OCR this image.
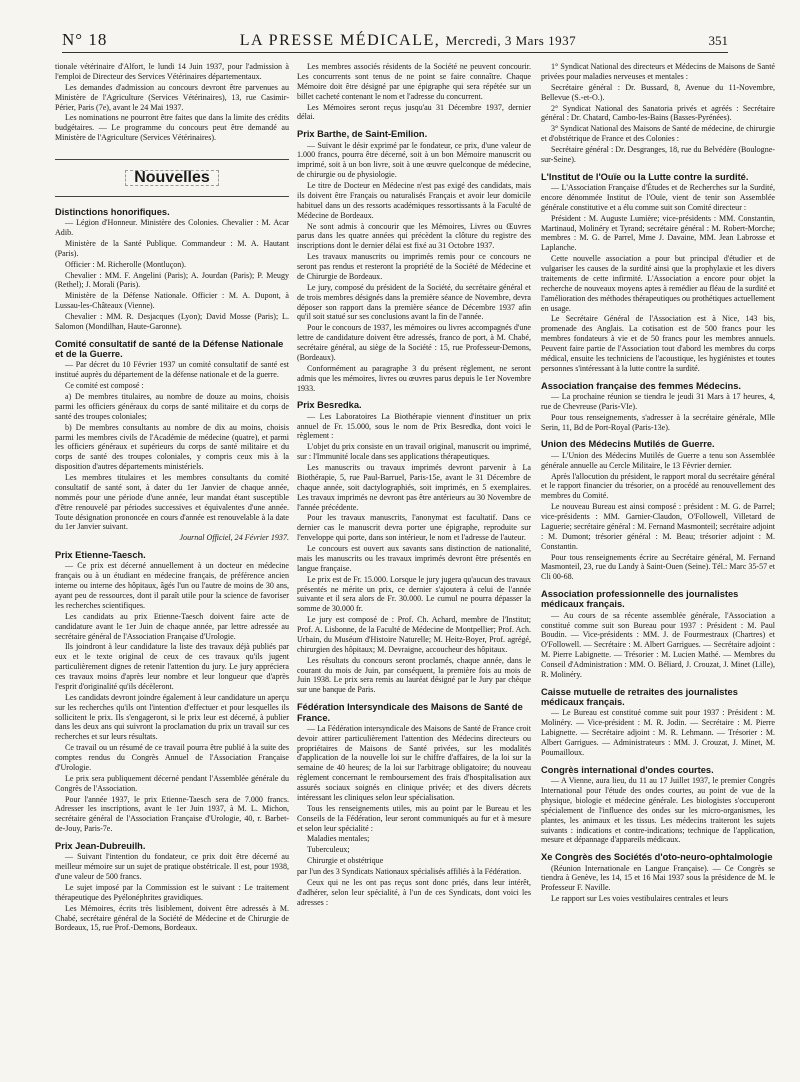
N° 18	LA PRESSE MÉDICALE, Mercredi, 3 Mars 1937	351

tionale vétérinaire d'Alfort, le lundi 14 Juin 1937, pour l'admission à l'emploi de Directeur des Services Vétérinaires départementaux.

Les demandes d'admission au concours devront être parvenues au Ministère de l'Agriculture (Services Vétérinaires), 13, rue Casimir-Périer, Paris (7e), avant le 24 Mai 1937.

Les nominations ne pourront être faites que dans la limite des crédits budgétaires. — Le programme du concours peut être demandé au Ministère de l'Agriculture (Services Vétérinaires).

Nouvelles
Distinctions honorifiques.

— Légion d'Honneur. Ministère des Colonies. Chevalier : M. Acar Adib.

Ministère de la Santé Publique. Commandeur : M. A. Hautant (Paris).

Officier : M. Richerolle (Montluçon).

Chevalier : MM. F. Angelini (Paris); A. Jourdan (Paris); P. Meugy (Rethel); J. Morali (Paris).

Ministère de la Défense Nationale. Officier : M. A. Dupont, à Lussau-les-Châteaux (Vienne).

Chevalier : MM. R. Desjacques (Lyon); David Mosse (Paris); L. Salomon (Mondilhan, Haute-Garonne).

Comité consultatif de santé de la Défense Nationale et de la Guerre.

— Par décret du 10 Février 1937 un comité consultatif de santé est institué auprès du département de la défense nationale et de la guerre.

Ce comité est composé :

a) De membres titulaires, au nombre de douze au moins, choisis parmi les officiers généraux du corps de santé militaire et du corps de santé des troupes coloniales;

b) De membres consultants au nombre de dix au moins, choisis parmi les membres civils de l'Académie de médecine (quatre), et parmi les officiers généraux et supérieurs du corps de santé militaire et du corps de santé des troupes coloniales, y compris ceux mis à la disposition d'autres départements ministériels.

Les membres titulaires et les membres consultants du comité consultatif de santé sont, à dater du 1er Janvier de chaque année, nommés pour une période d'une année, leur mandat étant susceptible d'être renouvelé par périodes successives et équivalentes d'une année. Toute désignation prononcée en cours d'année est renouvelable à la date du 1er Janvier suivant.

Journal Officiel, 24 Février 1937.
Prix Etienne-Taesch.

— Ce prix est décerné annuellement à un docteur en médecine français ou à un étudiant en médecine français, de préférence ancien interne ou interne des hôpitaux, âgés l'un ou l'autre de moins de 30 ans, ayant peu de ressources, dont il paraît utile pour la science de favoriser les recherches scientifiques.

Les candidats au prix Etienne-Taesch doivent faire acte de candidature avant le 1er Juin de chaque année, par lettre adressée au secrétaire général de l'Association Française d'Urologie.

Ils joindront à leur candidature la liste des travaux déjà publiés par eux et le texte original de ceux de ces travaux qu'ils jugent particulièrement dignes de retenir l'attention du jury. Le jury appréciera ces travaux moins d'après leur nombre et leur longueur que d'après l'esprit d'originalité qu'ils décèleront.

Les candidats devront joindre également à leur candidature un aperçu sur les recherches qu'ils ont l'intention d'effectuer et pour lesquelles ils sollicitent le prix. Ils s'engageront, si le prix leur est décerné, à publier dans les deux ans qui suivront la proclamation du prix un travail sur ces recherches et sur leurs résultats.

Ce travail ou un résumé de ce travail pourra être publié à la suite des comptes rendus du Congrès Annuel de l'Association Française d'Urologie.

Le prix sera publiquement décerné pendant l'Assemblée générale du Congrès de l'Association.

Pour l'année 1937, le prix Etienne-Taesch sera de 7.000 francs. Adresser les inscriptions, avant le 1er Juin 1937, à M. L. Michon, secrétaire général de l'Association Française d'Urologie, 40, r. Barbet-de-Jouy, Paris-7e.

Prix Jean-Dubreuilh.

— Suivant l'intention du fondateur, ce prix doit être décerné au meilleur mémoire sur un sujet de pratique obstétricale. Il est, pour 1938, d'une valeur de 500 francs.

Le sujet imposé par la Commission est le suivant : Le traitement thérapeutique des Pyélonéphrites gravidiques.

Les Mémoires, écrits très lisiblement, doivent être adressés à M. Chabé, secrétaire général de la Société de Médecine et de Chirurgie de Bordeaux, 15, rue Prof.-Demons, Bordeaux.

Les membres associés résidents de la Société ne peuvent concourir. Les concurrents sont tenus de ne point se faire connaître. Chaque Mémoire doit être désigné par une épigraphe qui sera répétée sur un billet cacheté contenant le nom et l'adresse du concurrent.

Les Mémoires seront reçus jusqu'au 31 Décembre 1937, dernier délai.

Prix Barthe, de Saint-Emilion.

— Suivant le désir exprimé par le fondateur, ce prix, d'une valeur de 1.000 francs, pourra être décerné, soit à un bon Mémoire manuscrit ou imprimé, soit à un bon livre, soit à une œuvre quelconque de médecine, de chirurgie ou de physiologie.

Le titre de Docteur en Médecine n'est pas exigé des candidats, mais ils doivent être Français ou naturalisés Français et avoir leur domicile habituel dans un des ressorts académiques ressortissants à la Faculté de Médecine de Bordeaux.

Ne sont admis à concourir que les Mémoires, Livres ou Œuvres parus dans les quatre années qui précèdent la clôture du registre des inscriptions dont le dernier délai est fixé au 31 Octobre 1937.

Les travaux manuscrits ou imprimés remis pour ce concours ne seront pas rendus et resteront la propriété de la Société de Médecine et de Chirurgie de Bordeaux.

Le jury, composé du président de la Société, du secrétaire général et de trois membres désignés dans la première séance de Novembre, devra déposer son rapport dans la première séance de Décembre 1937 afin qu'il soit statué sur ses conclusions avant la fin de l'année.

Pour le concours de 1937, les mémoires ou livres accompagnés d'une lettre de candidature doivent être adressés, franco de port, à M. Chabé, secrétaire général, au siège de la Société : 15, rue Professeur-Demons, (Bordeaux).

Conformément au paragraphe 3 du présent règlement, ne seront admis que les mémoires, livres ou œuvres parus depuis le 1er Novembre 1933.

Prix Besredka.

— Les Laboratoires La Biothérapie viennent d'instituer un prix annuel de Fr. 15.000, sous le nom de Prix Besredka, dont voici le règlement :

L'objet du prix consiste en un travail original, manuscrit ou imprimé, sur : l'Immunité locale dans ses applications thérapeutiques.

Les manuscrits ou travaux imprimés devront parvenir à La Biothérapie, 5, rue Paul-Barruel, Paris-15e, avant le 31 Décembre de chaque année, soit dactylographiés, soit imprimés, en 5 exemplaires. Les travaux imprimés ne devront pas être antérieurs au 30 Novembre de l'année précédente.

Pour les travaux manuscrits, l'anonymat est facultatif. Dans ce dernier cas le manuscrit devra porter une épigraphe, reproduite sur l'enveloppe qui porte, dans son intérieur, le nom et l'adresse de l'auteur.

Le concours est ouvert aux savants sans distinction de nationalité, mais les manuscrits ou les travaux imprimés devront être présentés en langue française.

Le prix est de Fr. 15.000. Lorsque le jury jugera qu'aucun des travaux présentés ne mérite un prix, ce dernier s'ajoutera à celui de l'année suivante et il sera alors de Fr. 30.000. Le cumul ne pourra dépasser la somme de 30.000 fr.

Le jury est composé de : Prof. Ch. Achard, membre de l'Institut; Prof. A. Lisbonne, de la Faculté de Médecine de Montpellier; Prof. Ach. Urbain, du Muséum d'Histoire Naturelle; M. Heitz-Boyer, Prof. agrégé, chirurgien des hôpitaux; M. Devraigne, accoucheur des hôpitaux.

Les résultats du concours seront proclamés, chaque année, dans le courant du mois de Juin, par conséquent, la première fois au mois de Juin 1938. Le prix sera remis au lauréat désigné par le Jury par chèque sur une banque de Paris.

Fédération Intersyndicale des Maisons de Santé de France.

— La Fédération intersyndicale des Maisons de Santé de France croit devoir attirer particulièrement l'attention des Médecins directeurs ou propriétaires de Maisons de Santé privées, sur les modalités d'application de la nouvelle loi sur le chiffre d'affaires, de la loi sur la semaine de 40 heures; de la loi sur l'arbitrage obligatoire; du nouveau règlement concernant le remboursement des frais d'hospitalisation aux assurés sociaux soignés en clinique privée; et des divers décrets intéressant les cliniques selon leur spécialisation.

Tous les renseignements utiles, mis au point par le Bureau et les Conseils de la Fédération, leur seront communiqués au fur et à mesure et selon leur spécialité :

Maladies mentales;

Tuberculeux;

Chirurgie et obstétrique

par l'un des 3 Syndicats Nationaux spécialisés affiliés à la Fédération.

Ceux qui ne les ont pas reçus sont donc priés, dans leur intérêt, d'adhérer, selon leur spécialité, à l'un de ces Syndicats, dont voici les adresses :

1° Syndicat National des directeurs et Médecins de Maisons de Santé privées pour maladies nerveuses et mentales :

Secrétaire général : Dr. Bussard, 8, Avenue du 11-Novembre, Bellevue (S.-et-O.).

2° Syndicat National des Sanatoria privés et agréés : Secrétaire général : Dr. Chatard, Cambo-les-Bains (Basses-Pyrénées).

3° Syndicat National des Maisons de Santé de médecine, de chirurgie et d'obstétrique de France et des Colonies :

Secrétaire général : Dr. Desgranges, 18, rue du Belvédère (Boulogne-sur-Seine).

L'Institut de l'Ouïe ou la Lutte contre la surdité.

— L'Association Française d'Études et de Recherches sur la Surdité, encore dénommée Institut de l'Ouïe, vient de tenir son Assemblée générale constitutive et a élu comme suit son Comité directeur :

Président : M. Auguste Lumière; vice-présidents : MM. Constantin, Martinaud, Molinéry et Tyrand; secrétaire général : M. Robert-Morche; membres : M. G. de Parrel, Mme J. Davaine, MM. Jean Labrosse et Laplanche.

Cette nouvelle association a pour but principal d'étudier et de vulgariser les causes de la surdité ainsi que la prophylaxie et les divers traitements de cette infirmité. L'Association a encore pour objet la recherche de nouveaux moyens aptes à remédier au fléau de la surdité et l'amélioration des méthodes thérapeutiques ou prothétiques actuellement en usage.

Le Secrétaire Général de l'Association est à Nice, 143 bis, promenade des Anglais. La cotisation est de 500 francs pour les membres fondateurs à vie et de 50 francs pour les membres annuels. Peuvent faire partie de l'Association tout d'abord les membres du corps médical, ensuite les techniciens de l'acoustique, les hygiénistes et toutes personnes s'intéressant à la lutte contre la surdité.

Association française des femmes Médecins.

— La prochaine réunion se tiendra le jeudi 31 Mars à 17 heures, 4, rue de Chevreuse (Paris-VIe).

Pour tous renseignements, s'adresser à la secrétaire générale, Mlle Serin, 11, Bd de Port-Royal (Paris-13e).

Union des Médecins Mutilés de Guerre.

— L'Union des Médecins Mutilés de Guerre a tenu son Assemblée générale annuelle au Cercle Militaire, le 13 Février dernier.

Après l'allocution du président, le rapport moral du secrétaire général et le rapport financier du trésorier, on a procédé au renouvellement des membres du Comité.

Le nouveau Bureau est ainsi composé : président : M. G. de Parrel; vice-présidents : MM. Garnier-Claudon, O'Followell, Villetard de Laguerie; secrétaire général : M. Fernand Masmonteil; secrétaire adjoint : M. Dumont; trésorier général : M. Beau; trésorier adjoint : M. Constantin.

Pour tous renseignements écrire au Secrétaire général, M. Fernand Masmonteil, 23, rue du Landy à Saint-Ouen (Seine). Tél.: Marc 35-57 et Cli 00-68.

Association professionnelle des journalistes médicaux français.

— Au cours de sa récente assemblée générale, l'Association a constitué comme suit son Bureau pour 1937 : Président : M. Paul Boudin. — Vice-présidents : MM. J. de Fourmestraux (Chartres) et O'Followell. — Secrétaire : M. Albert Garrigues. — Secrétaire adjoint : M. Pierre Labignette. — Trésorier : M. Lucien Mathé. — Membres du Conseil d'Administration : MM. O. Béliard, J. Crouzat, J. Minet (Lille), R. Molinéry.

Caisse mutuelle de retraites des journalistes médicaux français.

— Le Bureau est constitué comme suit pour 1937 : Président : M. Molinéry. — Vice-président : M. R. Jodin. — Secrétaire : M. Pierre Labignette. — Secrétaire adjoint : M. R. Lehmann. — Trésorier : M. Albert Garrigues. — Administrateurs : MM. J. Crouzat, J. Minet, M. Poumailloux.

Congrès international d'ondes courtes.

— A Vienne, aura lieu, du 11 au 17 Juillet 1937, le premier Congrès International pour l'étude des ondes courtes, au point de vue de la physique, biologie et médecine générale. Les biologistes s'occuperont spécialement de l'influence des ondes sur les micro-organismes, les plantes, les animaux et les tissus. Les médecins traiteront les sujets suivants : indications et contre-indications; technique de l'application, mesure et dépannage d'appareils médicaux.

Xe Congrès des Sociétés d'oto-neuro-ophtalmologie

(Réunion Internationale en Langue Française). — Ce Congrès se tiendra à Genève, les 14, 15 et 16 Mai 1937 sous la présidence de M. le Professeur F. Naville.

Le rapport sur Les voies vestibulaires centrales et leurs
